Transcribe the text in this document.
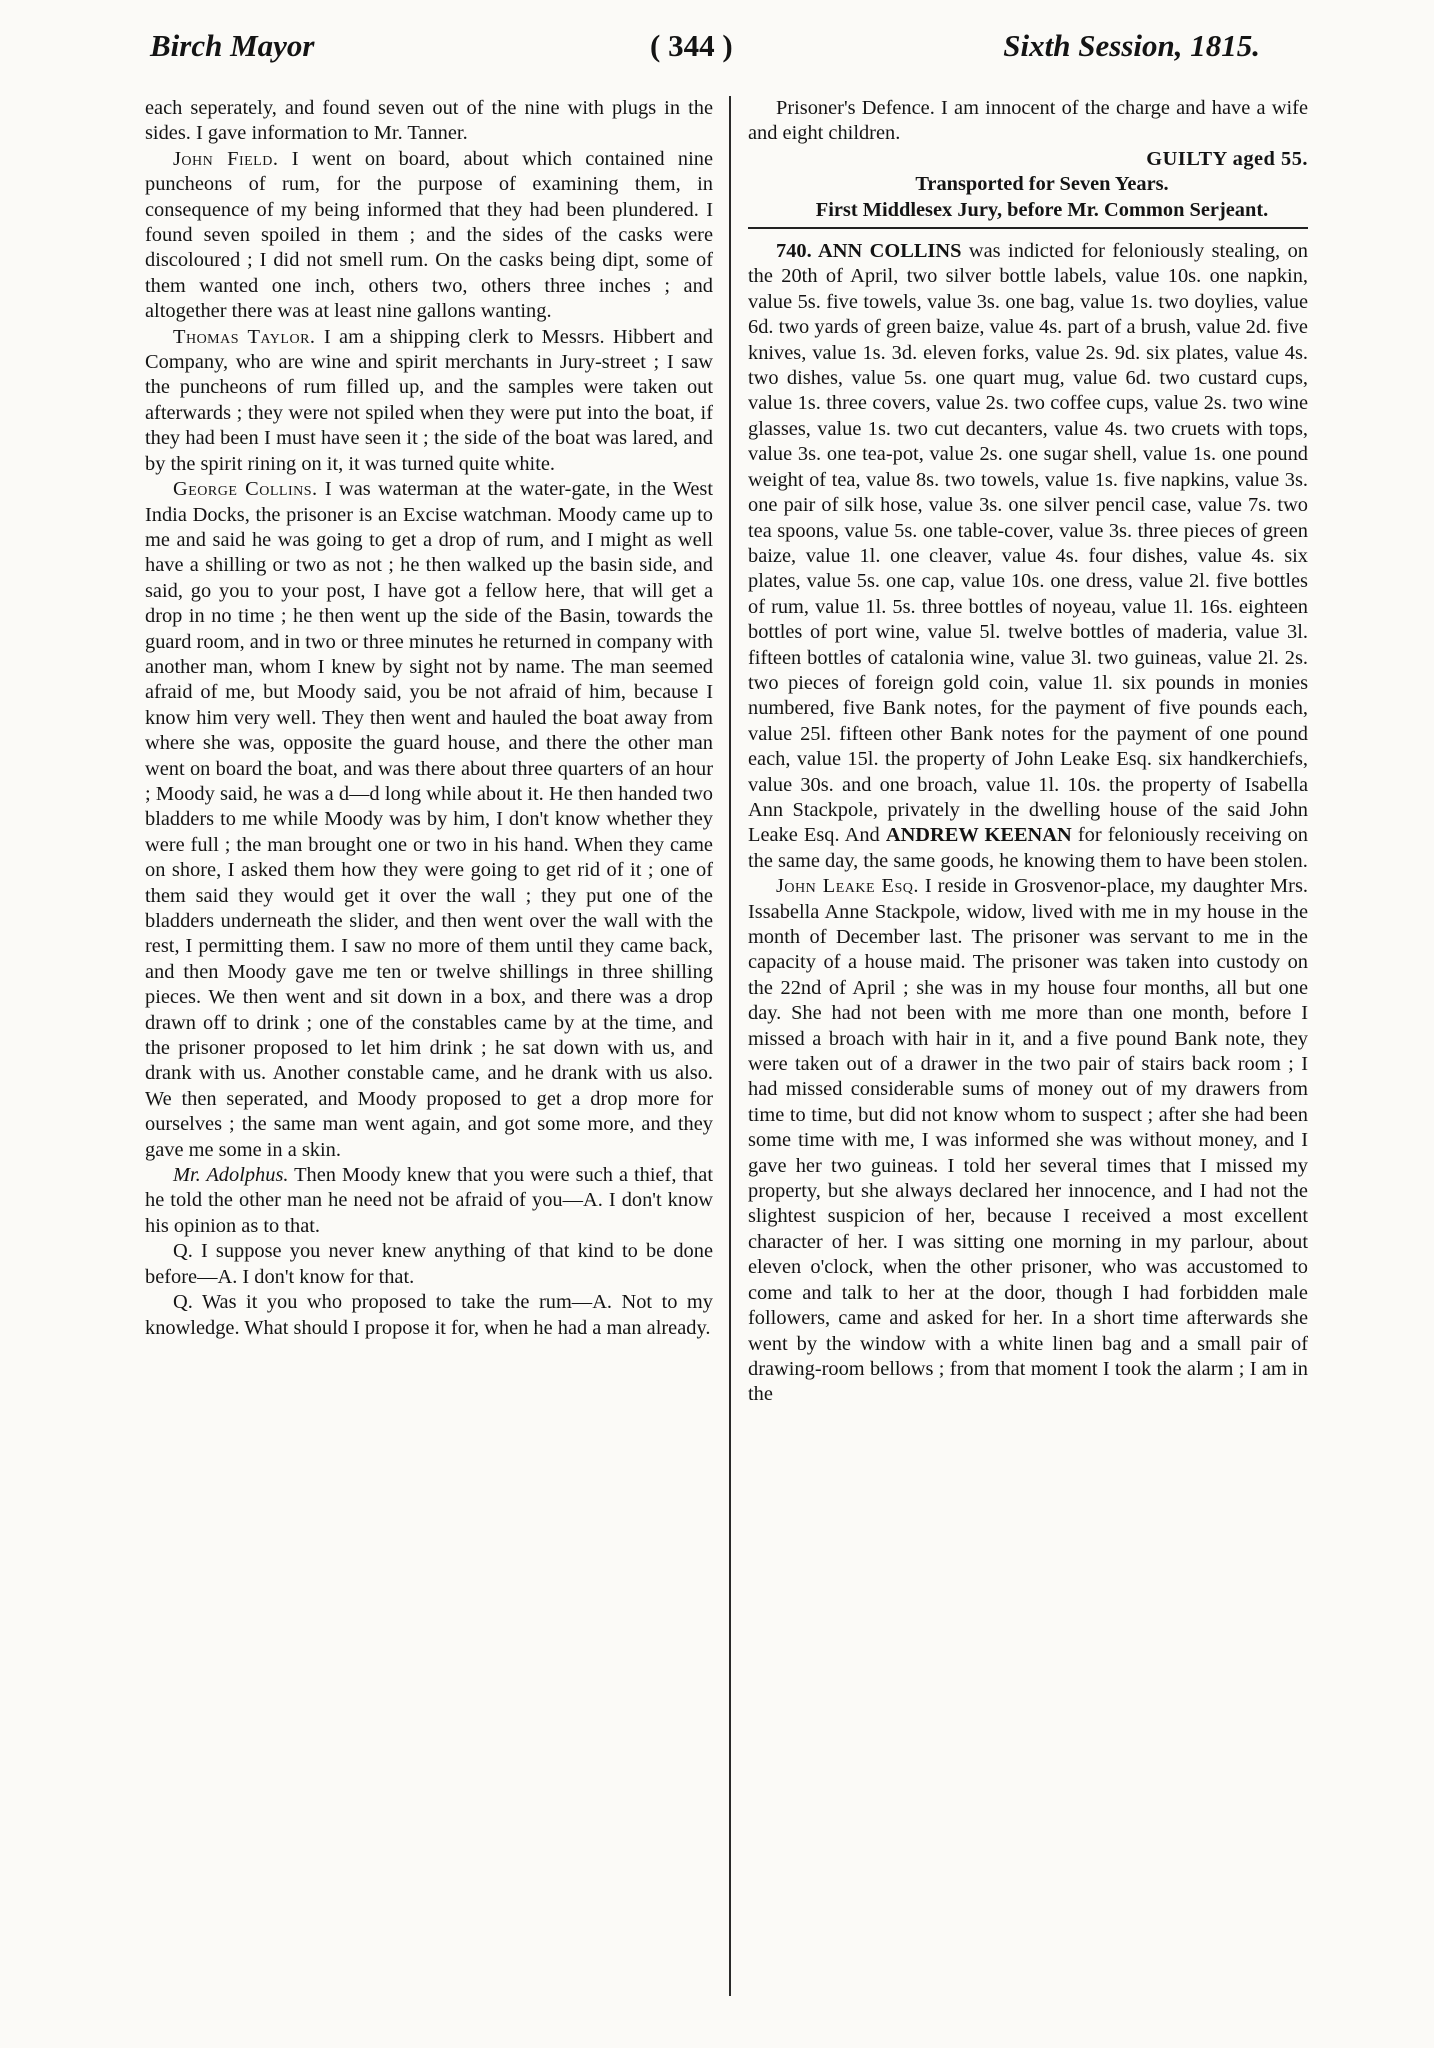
Birch Mayor	( 344 )	Sixth Session, 1815.

each seperately, and found seven out of the nine with plugs in the sides. I gave information to Mr. Tanner.

John Field. I went on board, about which contained nine puncheons of rum, for the purpose of examining them, in consequence of my being informed that they had been plundered. I found seven spoiled in them ; and the sides of the casks were discoloured ; I did not smell rum. On the casks being dipt, some of them wanted one inch, others two, others three inches ; and altogether there was at least nine gallons wanting.

Thomas Taylor. I am a shipping clerk to Messrs. Hibbert and Company, who are wine and spirit merchants in Jury-street ; I saw the puncheons of rum filled up, and the samples were taken out afterwards ; they were not spiled when they were put into the boat, if they had been I must have seen it ; the side of the boat was lared, and by the spirit rining on it, it was turned quite white.

George Collins. I was waterman at the water-gate, in the West India Docks, the prisoner is an Excise watchman. Moody came up to me and said he was going to get a drop of rum, and I might as well have a shilling or two as not ; he then walked up the basin side, and said, go you to your post, I have got a fellow here, that will get a drop in no time ; he then went up the side of the Basin, towards the guard room, and in two or three minutes he returned in company with another man, whom I knew by sight not by name. The man seemed afraid of me, but Moody said, you be not afraid of him, because I know him very well. They then went and hauled the boat away from where she was, opposite the guard house, and there the other man went on board the boat, and was there about three quarters of an hour ; Moody said, he was a d—d long while about it. He then handed two bladders to me while Moody was by him, I don't know whether they were full ; the man brought one or two in his hand. When they came on shore, I asked them how they were going to get rid of it ; one of them said they would get it over the wall ; they put one of the bladders underneath the slider, and then went over the wall with the rest, I permitting them. I saw no more of them until they came back, and then Moody gave me ten or twelve shillings in three shilling pieces. We then went and sit down in a box, and there was a drop drawn off to drink ; one of the constables came by at the time, and the prisoner proposed to let him drink ; he sat down with us, and drank with us. Another constable came, and he drank with us also. We then seperated, and Moody proposed to get a drop more for ourselves ; the same man went again, and got some more, and they gave me some in a skin.

Mr. Adolphus. Then Moody knew that you were such a thief, that he told the other man he need not be afraid of you—A. I don't know his opinion as to that.

Q. I suppose you never knew anything of that kind to be done before—A. I don't know for that.

Q. Was it you who proposed to take the rum—A. Not to my knowledge. What should I propose it for, when he had a man already.

Prisoner's Defence. I am innocent of the charge and have a wife and eight children.

GUILTY aged 55.

Transported for Seven Years.

First Middlesex Jury, before Mr. Common Serjeant.

740. ANN COLLINS was indicted for feloniously stealing, on the 20th of April, two silver bottle labels, value 10s. one napkin, value 5s. five towels, value 3s. one bag, value 1s. two doylies, value 6d. two yards of green baize, value 4s. part of a brush, value 2d. five knives, value 1s. 3d. eleven forks, value 2s. 9d. six plates, value 4s. two dishes, value 5s. one quart mug, value 6d. two custard cups, value 1s. three covers, value 2s. two coffee cups, value 2s. two wine glasses, value 1s. two cut decanters, value 4s. two cruets with tops, value 3s. one tea-pot, value 2s. one sugar shell, value 1s. one pound weight of tea, value 8s. two towels, value 1s. five napkins, value 3s. one pair of silk hose, value 3s. one silver pencil case, value 7s. two tea spoons, value 5s. one table-cover, value 3s. three pieces of green baize, value 1l. one cleaver, value 4s. four dishes, value 4s. six plates, value 5s. one cap, value 10s. one dress, value 2l. five bottles of rum, value 1l. 5s. three bottles of noyeau, value 1l. 16s. eighteen bottles of port wine, value 5l. twelve bottles of maderia, value 3l. fifteen bottles of catalonia wine, value 3l. two guineas, value 2l. 2s. two pieces of foreign gold coin, value 1l. six pounds in monies numbered, five Bank notes, for the payment of five pounds each, value 25l. fifteen other Bank notes for the payment of one pound each, value 15l. the property of John Leake Esq. six handkerchiefs, value 30s. and one broach, value 1l. 10s. the property of Isabella Ann Stackpole, privately in the dwelling house of the said John Leake Esq. And ANDREW KEENAN for feloniously receiving on the same day, the same goods, he knowing them to have been stolen.

John Leake Esq. I reside in Grosvenor-place, my daughter Mrs. Issabella Anne Stackpole, widow, lived with me in my house in the month of December last. The prisoner was servant to me in the capacity of a house maid. The prisoner was taken into custody on the 22nd of April ; she was in my house four months, all but one day. She had not been with me more than one month, before I missed a broach with hair in it, and a five pound Bank note, they were taken out of a drawer in the two pair of stairs back room ; I had missed considerable sums of money out of my drawers from time to time, but did not know whom to suspect ; after she had been some time with me, I was informed she was without money, and I gave her two guineas. I told her several times that I missed my property, but she always declared her innocence, and I had not the slightest suspicion of her, because I received a most excellent character of her. I was sitting one morning in my parlour, about eleven o'clock, when the other prisoner, who was accustomed to come and talk to her at the door, though I had forbidden male followers, came and asked for her. In a short time afterwards she went by the window with a white linen bag and a small pair of drawing-room bellows ; from that moment I took the alarm ; I am in the
